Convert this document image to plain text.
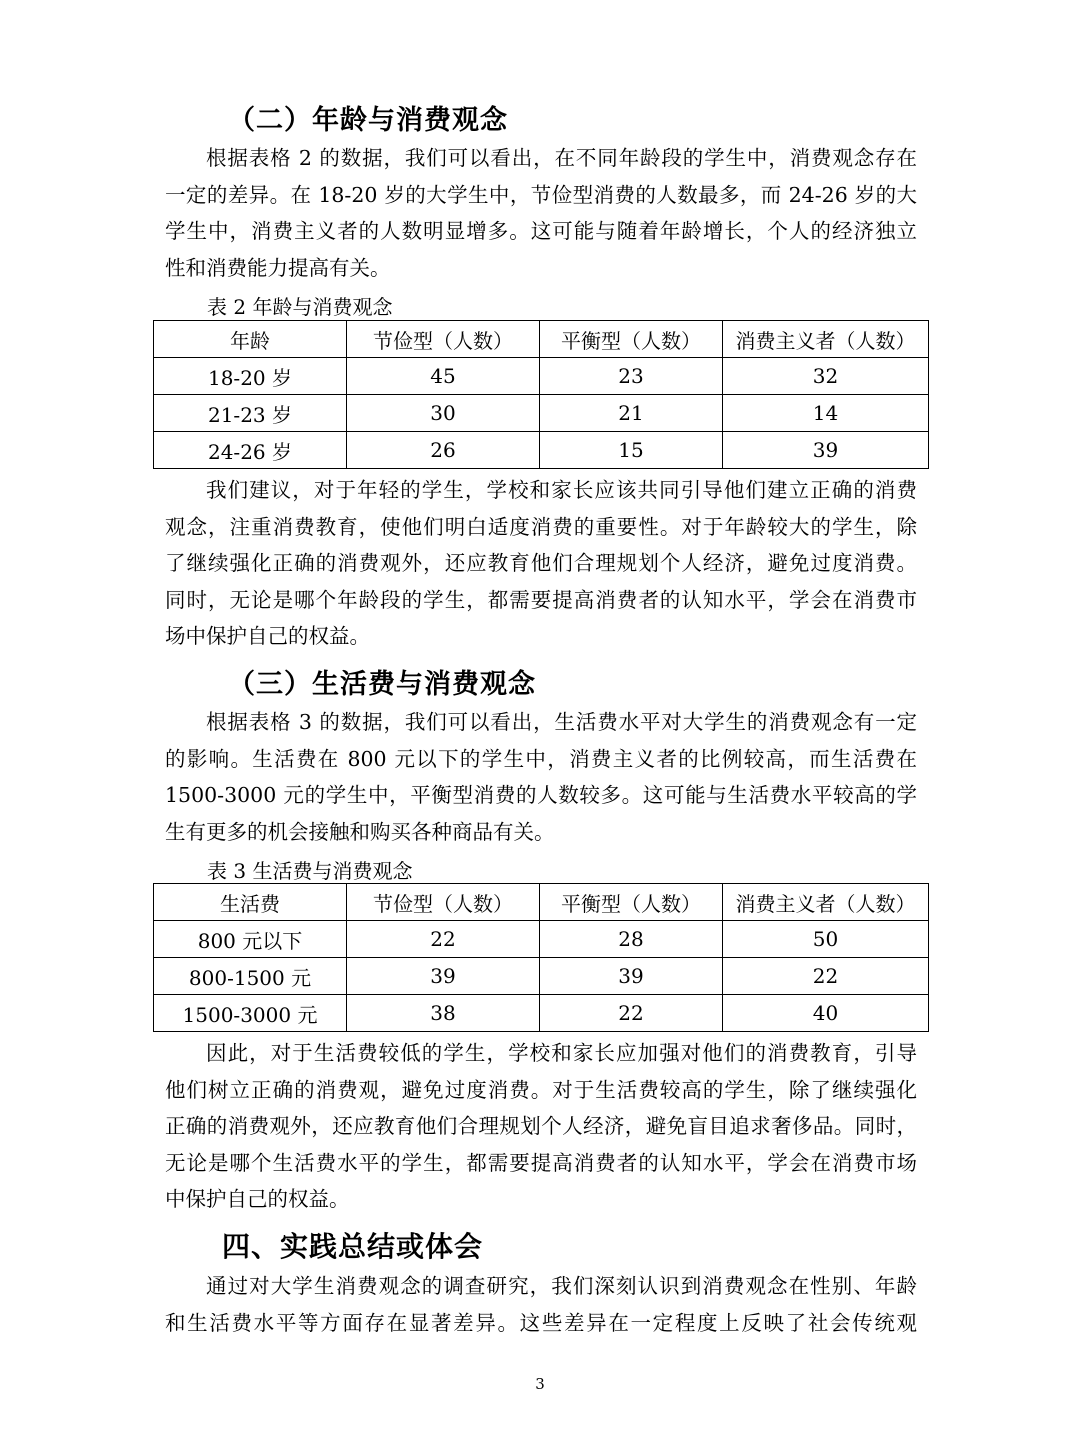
（二）年龄与消费观念

根据表格 2 的数据，我们可以看出，在不同年龄段的学生中，消费观念存在
一定的差异。在 18-20 岁的大学生中，节俭型消费的人数最多，而 24-26 岁的大
学生中，消费主义者的人数明显增多。这可能与随着年龄增长，个人的经济独立
性和消费能力提高有关。

表 2 年龄与消费观念

年龄	节俭型（人数）	平衡型（人数）	消费主义者（人数）
18-20 岁	45	23	32
21-23 岁	30	21	14
24-26 岁	26	15	39

我们建议，对于年轻的学生，学校和家长应该共同引导他们建立正确的消费
观念，注重消费教育，使他们明白适度消费的重要性。对于年龄较大的学生，除
了继续强化正确的消费观外，还应教育他们合理规划个人经济，避免过度消费。
同时，无论是哪个年龄段的学生，都需要提高消费者的认知水平，学会在消费市
场中保护自己的权益。

（三）生活费与消费观念

根据表格 3 的数据，我们可以看出，生活费水平对大学生的消费观念有一定
的影响。生活费在 800 元以下的学生中，消费主义者的比例较高，而生活费在
1500-3000 元的学生中，平衡型消费的人数较多。这可能与生活费水平较高的学
生有更多的机会接触和购买各种商品有关。

表 3 生活费与消费观念

生活费	节俭型（人数）	平衡型（人数）	消费主义者（人数）
800 元以下	22	28	50
800-1500 元	39	39	22
1500-3000 元	38	22	40

因此，对于生活费较低的学生，学校和家长应加强对他们的消费教育，引导
他们树立正确的消费观，避免过度消费。对于生活费较高的学生，除了继续强化
正确的消费观外，还应教育他们合理规划个人经济，避免盲目追求奢侈品。同时，
无论是哪个生活费水平的学生，都需要提高消费者的认知水平，学会在消费市场
中保护自己的权益。

四、实践总结或体会

通过对大学生消费观念的调查研究，我们深刻认识到消费观念在性别、年龄
和生活费水平等方面存在显著差异。这些差异在一定程度上反映了社会传统观

3
